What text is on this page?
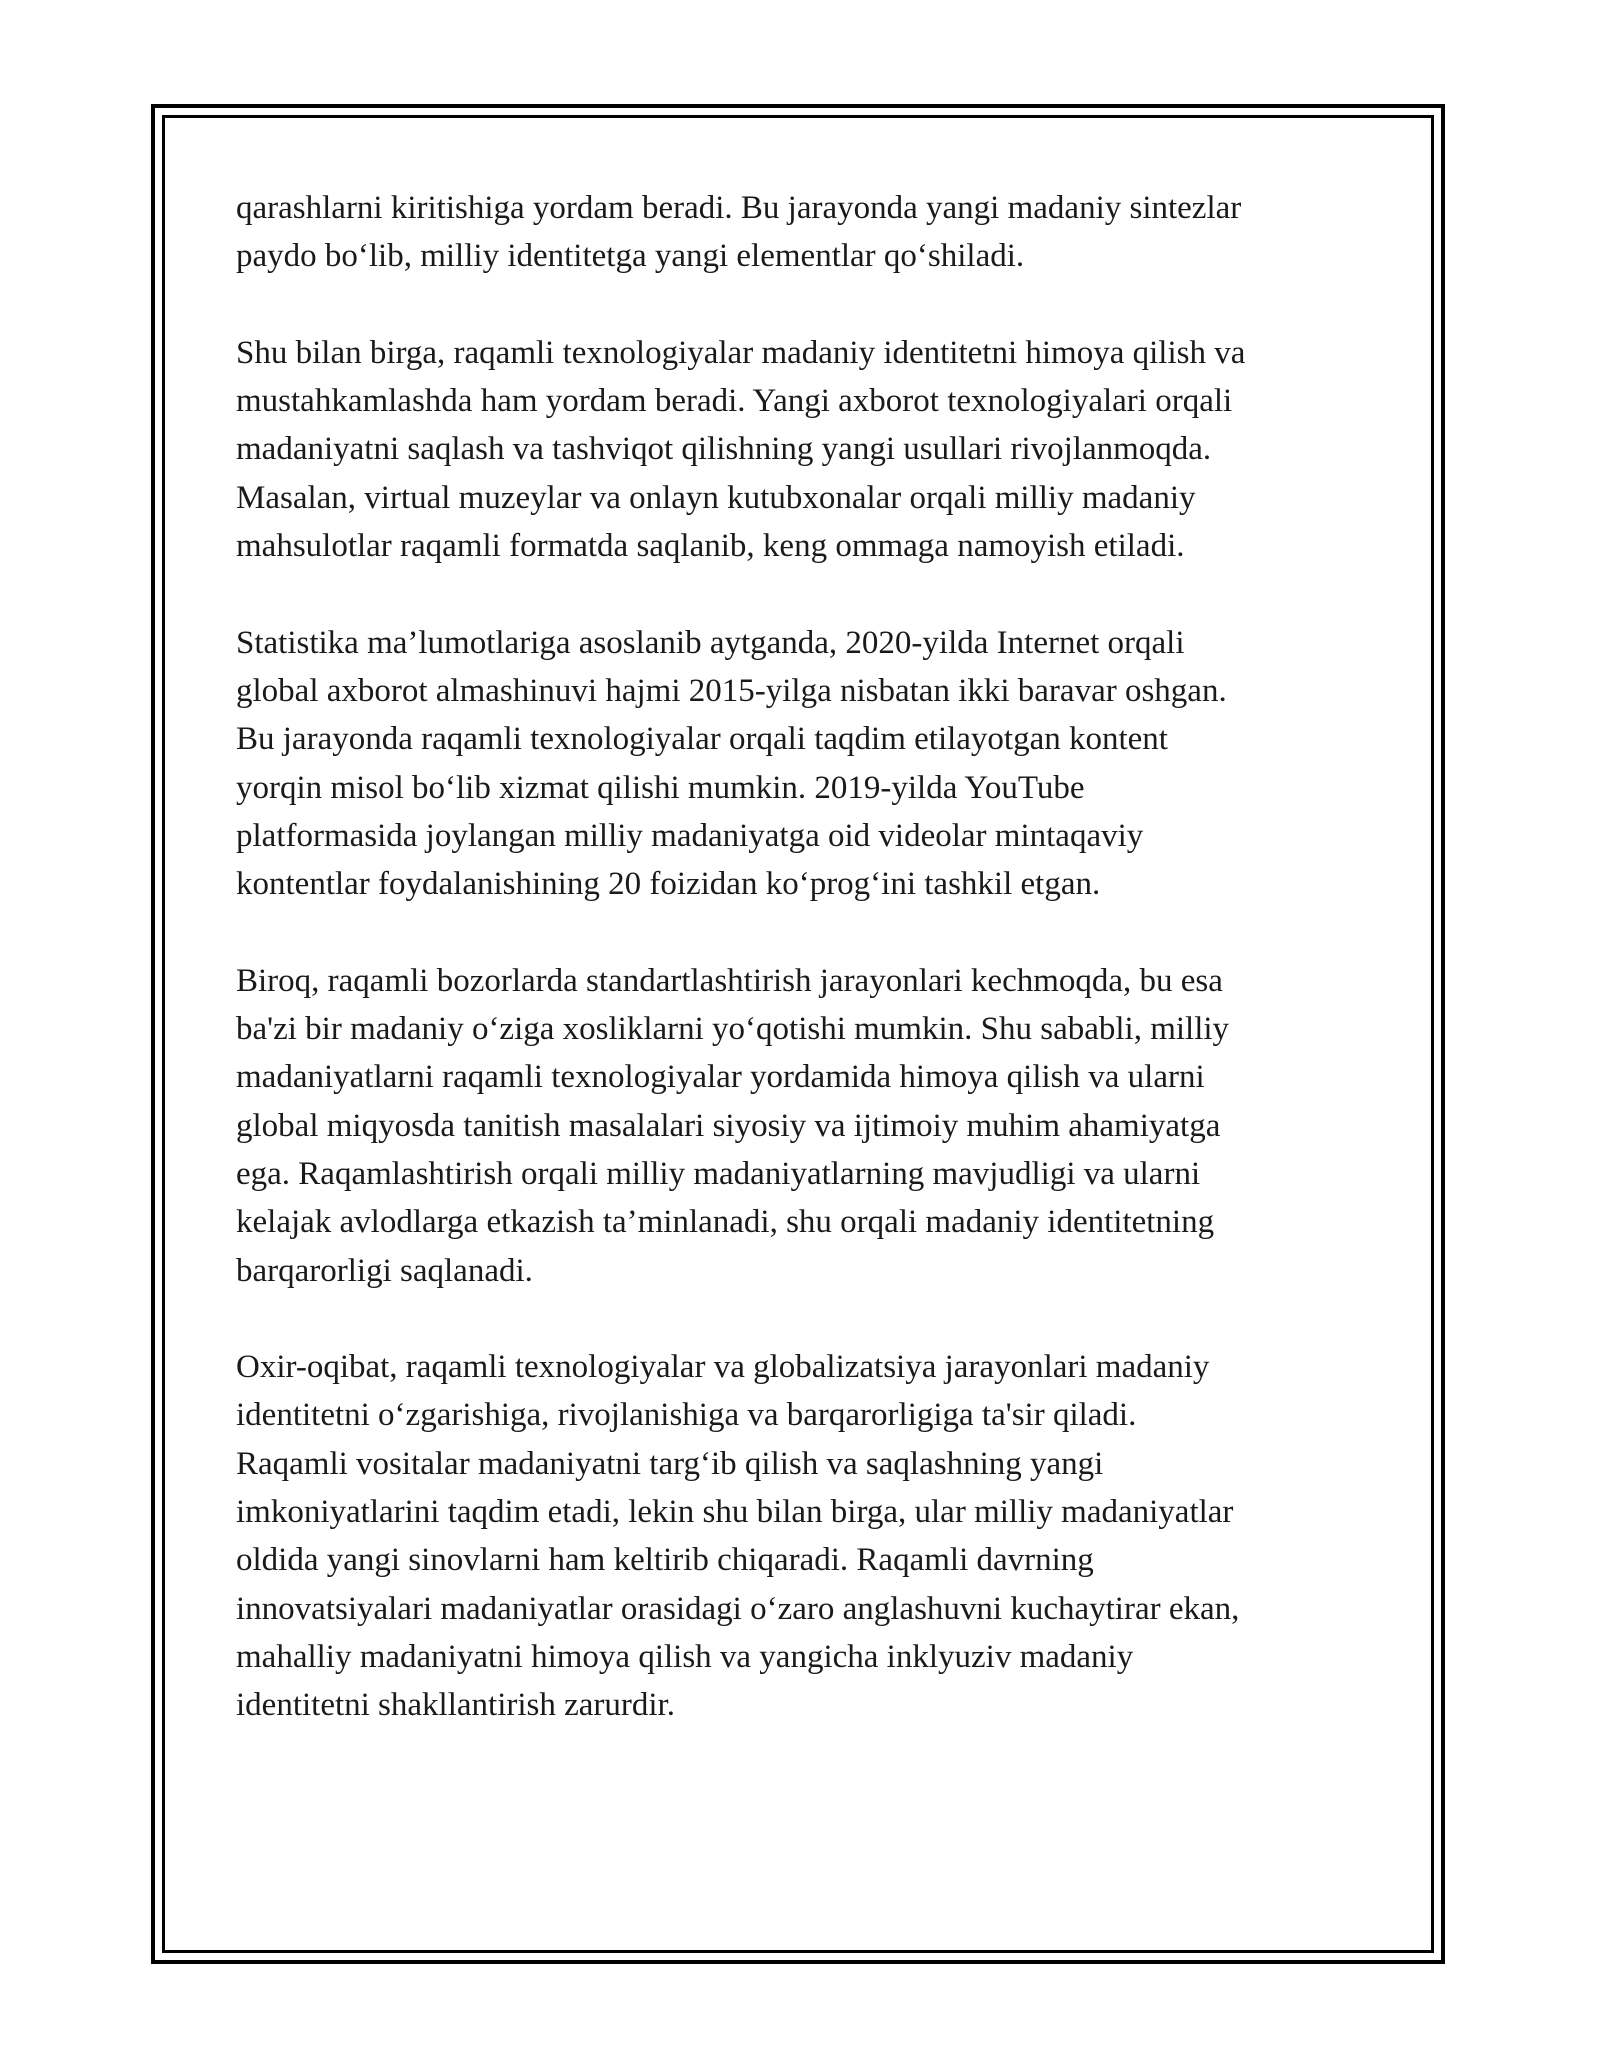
qarashlarni kiritishiga yordam beradi. Bu jarayonda yangi madaniy sintezlar
paydo bo‘lib, milliy identitetga yangi elementlar qo‘shiladi.

Shu bilan birga, raqamli texnologiyalar madaniy identitetni himoya qilish va
mustahkamlashda ham yordam beradi. Yangi axborot texnologiyalari orqali
madaniyatni saqlash va tashviqot qilishning yangi usullari rivojlanmoqda.
Masalan, virtual muzeylar va onlayn kutubxonalar orqali milliy madaniy
mahsulotlar raqamli formatda saqlanib, keng ommaga namoyish etiladi.

Statistika ma’lumotlariga asoslanib aytganda, 2020-yilda Internet orqali
global axborot almashinuvi hajmi 2015-yilga nisbatan ikki baravar oshgan.
Bu jarayonda raqamli texnologiyalar orqali taqdim etilayotgan kontent
yorqin misol bo‘lib xizmat qilishi mumkin. 2019-yilda YouTube
platformasida joylangan milliy madaniyatga oid videolar mintaqaviy
kontentlar foydalanishining 20 foizidan ko‘prog‘ini tashkil etgan.

Biroq, raqamli bozorlarda standartlashtirish jarayonlari kechmoqda, bu esa
ba'zi bir madaniy o‘ziga xosliklarni yo‘qotishi mumkin. Shu sababli, milliy
madaniyatlarni raqamli texnologiyalar yordamida himoya qilish va ularni
global miqyosda tanitish masalalari siyosiy va ijtimoiy muhim ahamiyatga
ega. Raqamlashtirish orqali milliy madaniyatlarning mavjudligi va ularni
kelajak avlodlarga etkazish ta’minlanadi, shu orqali madaniy identitetning
barqarorligi saqlanadi.

Oxir-oqibat, raqamli texnologiyalar va globalizatsiya jarayonlari madaniy
identitetni o‘zgarishiga, rivojlanishiga va barqarorligiga ta'sir qiladi.
Raqamli vositalar madaniyatni targ‘ib qilish va saqlashning yangi
imkoniyatlarini taqdim etadi, lekin shu bilan birga, ular milliy madaniyatlar
oldida yangi sinovlarni ham keltirib chiqaradi. Raqamli davrning
innovatsiyalari madaniyatlar orasidagi o‘zaro anglashuvni kuchaytirar ekan,
mahalliy madaniyatni himoya qilish va yangicha inklyuziv madaniy
identitetni shakllantirish zarurdir.
